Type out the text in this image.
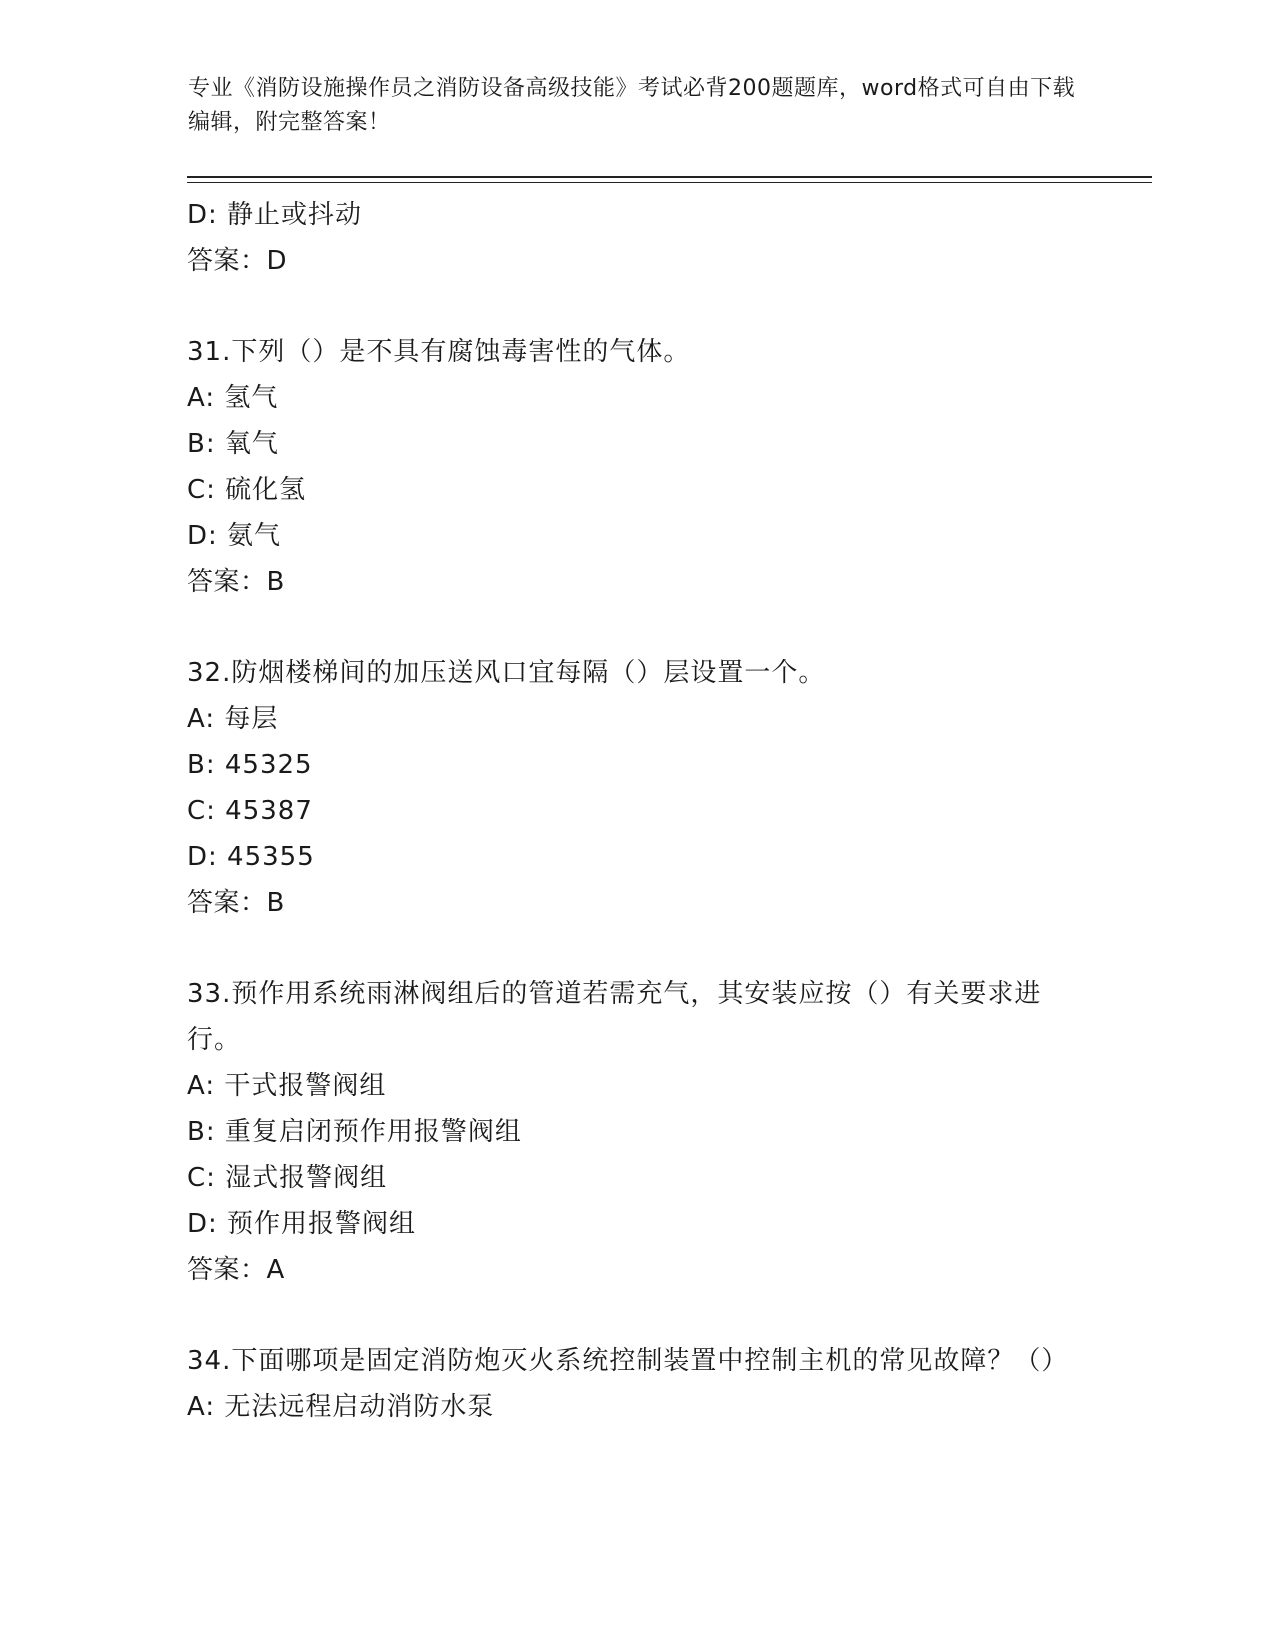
专业《消防设施操作员之消防设备高级技能》考试必背200题题库，word格式可自由下载编辑，附完整答案！
D: 静止或抖动
答案：D
31.下列（）是不具有腐蚀毒害性的气体。
A: 氢气
B: 氧气
C: 硫化氢
D: 氨气
答案：B
32.防烟楼梯间的加压送风口宜每隔（）层设置一个。
A: 每层
B: 45325
C: 45387
D: 45355
答案：B
33.预作用系统雨淋阀组后的管道若需充气，其安装应按（）有关要求进行。
A: 干式报警阀组
B: 重复启闭预作用报警阀组
C: 湿式报警阀组
D: 预作用报警阀组
答案：A
34.下面哪项是固定消防炮灭火系统控制装置中控制主机的常见故障？（）
A: 无法远程启动消防水泵
